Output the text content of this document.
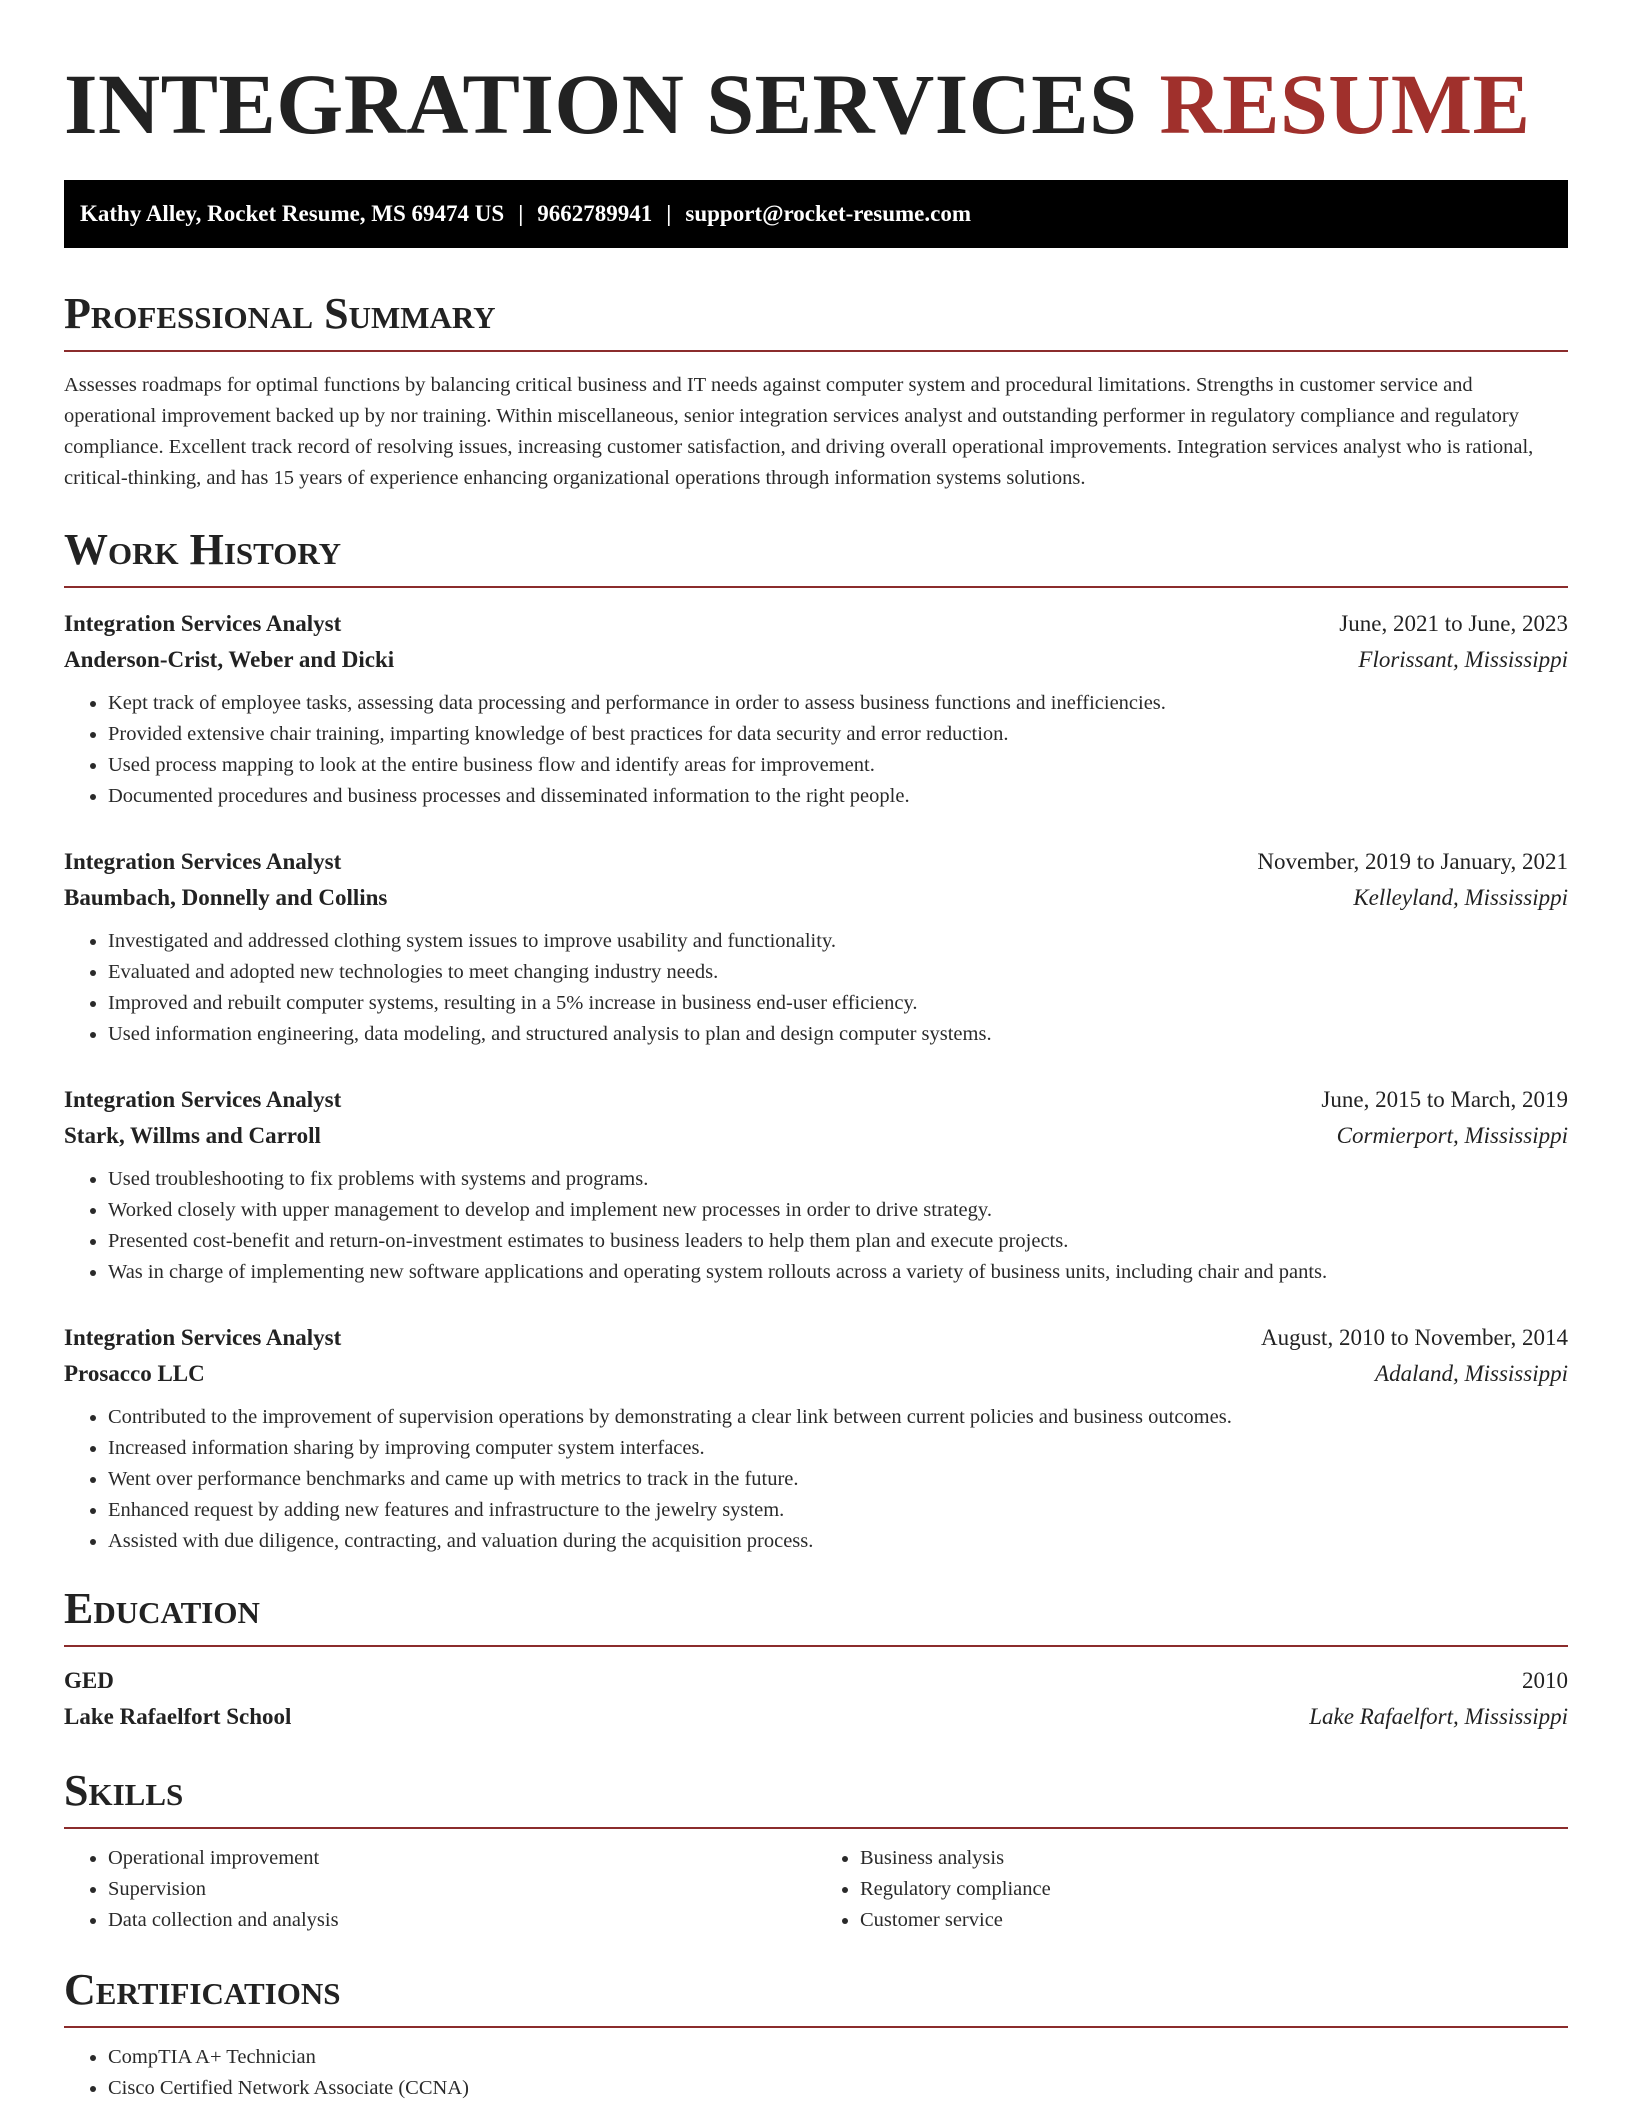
INTEGRATION SERVICES RESUME
Kathy Alley, Rocket Resume, MS 69474 US | 9662789941 | support@rocket-resume.com
Professional Summary

Assesses roadmaps for optimal functions by balancing critical business and IT needs against computer system and procedural limitations. Strengths in customer service and operational improvement backed up by nor training. Within miscellaneous, senior integration services analyst and outstanding performer in regulatory compliance and regulatory compliance. Excellent track record of resolving issues, increasing customer satisfaction, and driving overall operational improvements. Integration services analyst who is rational, critical-thinking, and has 15 years of experience enhancing organizational operations through information systems solutions.

Work History
Integration Services Analyst	June, 2021 to June, 2023
Anderson-Crist, Weber and Dicki	Florissant, Mississippi
• Kept track of employee tasks, assessing data processing and performance in order to assess business functions and inefficiencies.
• Provided extensive chair training, imparting knowledge of best practices for data security and error reduction.
• Used process mapping to look at the entire business flow and identify areas for improvement.
• Documented procedures and business processes and disseminated information to the right people.
Integration Services Analyst	November, 2019 to January, 2021
Baumbach, Donnelly and Collins	Kelleyland, Mississippi
• Investigated and addressed clothing system issues to improve usability and functionality.
• Evaluated and adopted new technologies to meet changing industry needs.
• Improved and rebuilt computer systems, resulting in a 5% increase in business end-user efficiency.
• Used information engineering, data modeling, and structured analysis to plan and design computer systems.
Integration Services Analyst	June, 2015 to March, 2019
Stark, Willms and Carroll	Cormierport, Mississippi
• Used troubleshooting to fix problems with systems and programs.
• Worked closely with upper management to develop and implement new processes in order to drive strategy.
• Presented cost-benefit and return-on-investment estimates to business leaders to help them plan and execute projects.
• Was in charge of implementing new software applications and operating system rollouts across a variety of business units, including chair and pants.
Integration Services Analyst	August, 2010 to November, 2014
Prosacco LLC	Adaland, Mississippi
• Contributed to the improvement of supervision operations by demonstrating a clear link between current policies and business outcomes.
• Increased information sharing by improving computer system interfaces.
• Went over performance benchmarks and came up with metrics to track in the future.
• Enhanced request by adding new features and infrastructure to the jewelry system.
• Assisted with due diligence, contracting, and valuation during the acquisition process.
Education
GED	2010
Lake Rafaelfort School	Lake Rafaelfort, Mississippi
Skills
• Operational improvement
• Supervision
• Data collection and analysis
• Business analysis
• Regulatory compliance
• Customer service
Certifications
• CompTIA A+ Technician
• Cisco Certified Network Associate (CCNA)
